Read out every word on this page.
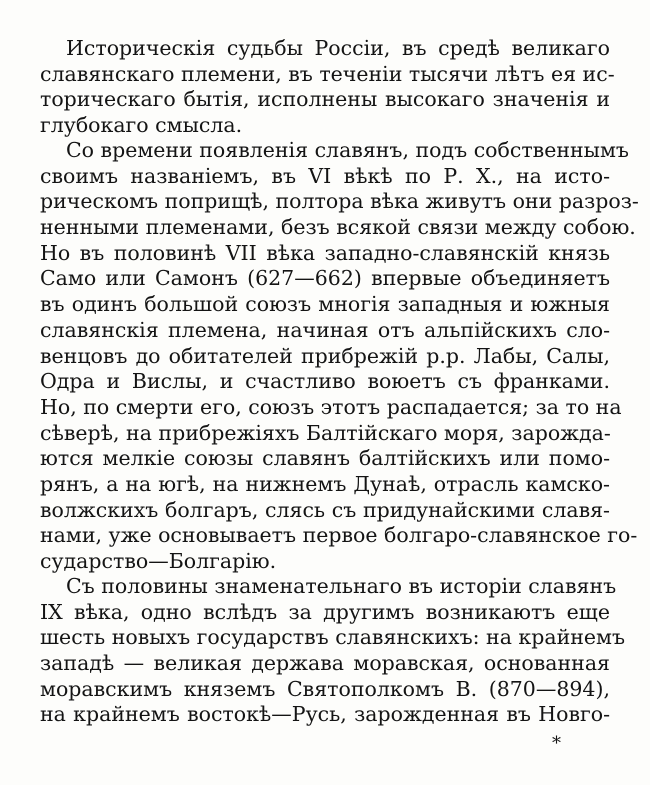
Историческія судьбы Россіи, въ средѣ великаго
славянскаго племени, въ теченіи тысячи лѣтъ ея ис-
торическаго бытія, исполнены высокаго значенія и
глубокаго смысла.
Со времени появленія славянъ, подъ собственнымъ
своимъ названіемъ, въ VI вѣкѣ по Р. Х., на исто-
рическомъ поприщѣ, полтора вѣка живутъ они разроз-
ненными племенами, безъ всякой связи между собою.
Но въ половинѣ VII вѣка западно-славянскій князь
Само или Самонъ (627—662) впервые объединяетъ
въ одинъ большой союзъ многія западныя и южныя
славянскія племена, начиная отъ альпійскихъ сло-
венцовъ до обитателей прибрежій р.р. Лабы, Салы,
Одра и Вислы, и счастливо воюетъ съ франками.
Но, по смерти его, союзъ этотъ распадается; за то на
сѣверѣ, на прибрежіяхъ Балтійскаго моря, зарождa-
ются мелкіе союзы славянъ балтійскихъ или помо-
рянъ, а на югѣ, на нижнемъ Дунаѣ, отрасль камско-
волжскихъ болгаръ, слясь съ придунайскими славя-
нами, уже основываетъ первое болгаро-славянское го-
сударство—Болгарію.
Съ половины знаменательнаго въ исторіи славянъ
IX вѣка, одно вслѣдъ за другимъ возникаютъ еще
шесть новыхъ государствъ славянскихъ: на крайнемъ
западѣ — великая держава моравская, основанная
моравскимъ княземъ Святополкомъ В. (870—894),
на крайнемъ востокѣ—Русь, зарожденная въ Новго-
*
